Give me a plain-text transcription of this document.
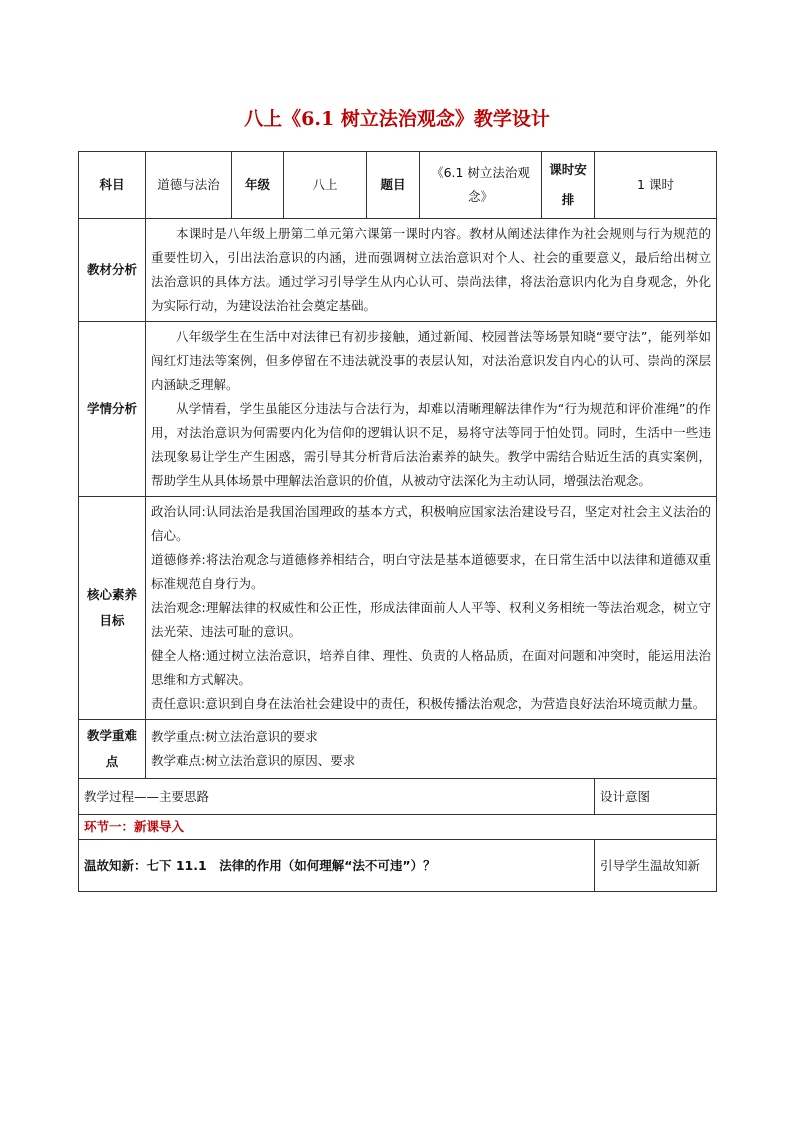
八上《6.1 树立法治观念》教学设计
科目	道德与法治	年级	八上	题目	《6.1 树立法治观念》	课时安排	1 课时

教材分析	本课时是八年级上册第二单元第六课第一课时内容。教材从阐述法律作为社会规则与行为规范的重要性切入，引出法治意识的内涵，进而强调树立法治意识对个人、社会的重要意义，最后给出树立法治意识的具体方法。通过学习引导学生从内心认可、崇尚法律，将法治意识内化为自身观念，外化为实际行动，为建设法治社会奠定基础。						

学情分析	八年级学生在生活中对法律已有初步接触，通过新闻、校园普法等场景知晓“要守法”，能列举如闯红灯违法等案例，但多停留在不违法就没事的表层认知，对法治意识发自内心的认可、崇尚的深层内涵缺乏理解。

从学情看，学生虽能区分违法与合法行为，却难以清晰理解法律作为“行为规范和评价准绳”的作用，对法治意识为何需要内化为信仰的逻辑认识不足，易将守法等同于怕处罚。同时，生活中一些违法现象易让学生产生困惑，需引导其分析背后法治素养的缺失。教学中需结合贴近生活的真实案例，帮助学生从具体场景中理解法治意识的价值，从被动守法深化为主动认同，增强法治观念。						

核心素养目标	政治认同:认同法治是我国治国理政的基本方式，积极响应国家法治建设号召，坚定对社会主义法治的信心。

道德修养:将法治观念与道德修养相结合，明白守法是基本道德要求，在日常生活中以法律和道德双重标准规范自身行为。

法治观念:理解法律的权威性和公正性，形成法律面前人人平等、权利义务相统一等法治观念，树立守法光荣、违法可耻的意识。

健全人格:通过树立法治意识，培养自律、理性、负责的人格品质，在面对问题和冲突时，能运用法治思维和方式解决。

责任意识:意识到自身在法治社会建设中的责任，积极传播法治观念，为营造良好法治环境贡献力量。						

教学重难点	教学重点:树立法治意识的要求

教学难点:树立法治意识的原因、要求						

教学过程——主要思路							设计意图
环节一：新课导入							
温故知新：七下 11.1　法律的作用（如何理解“法不可违”）？							引导学生温故知新
